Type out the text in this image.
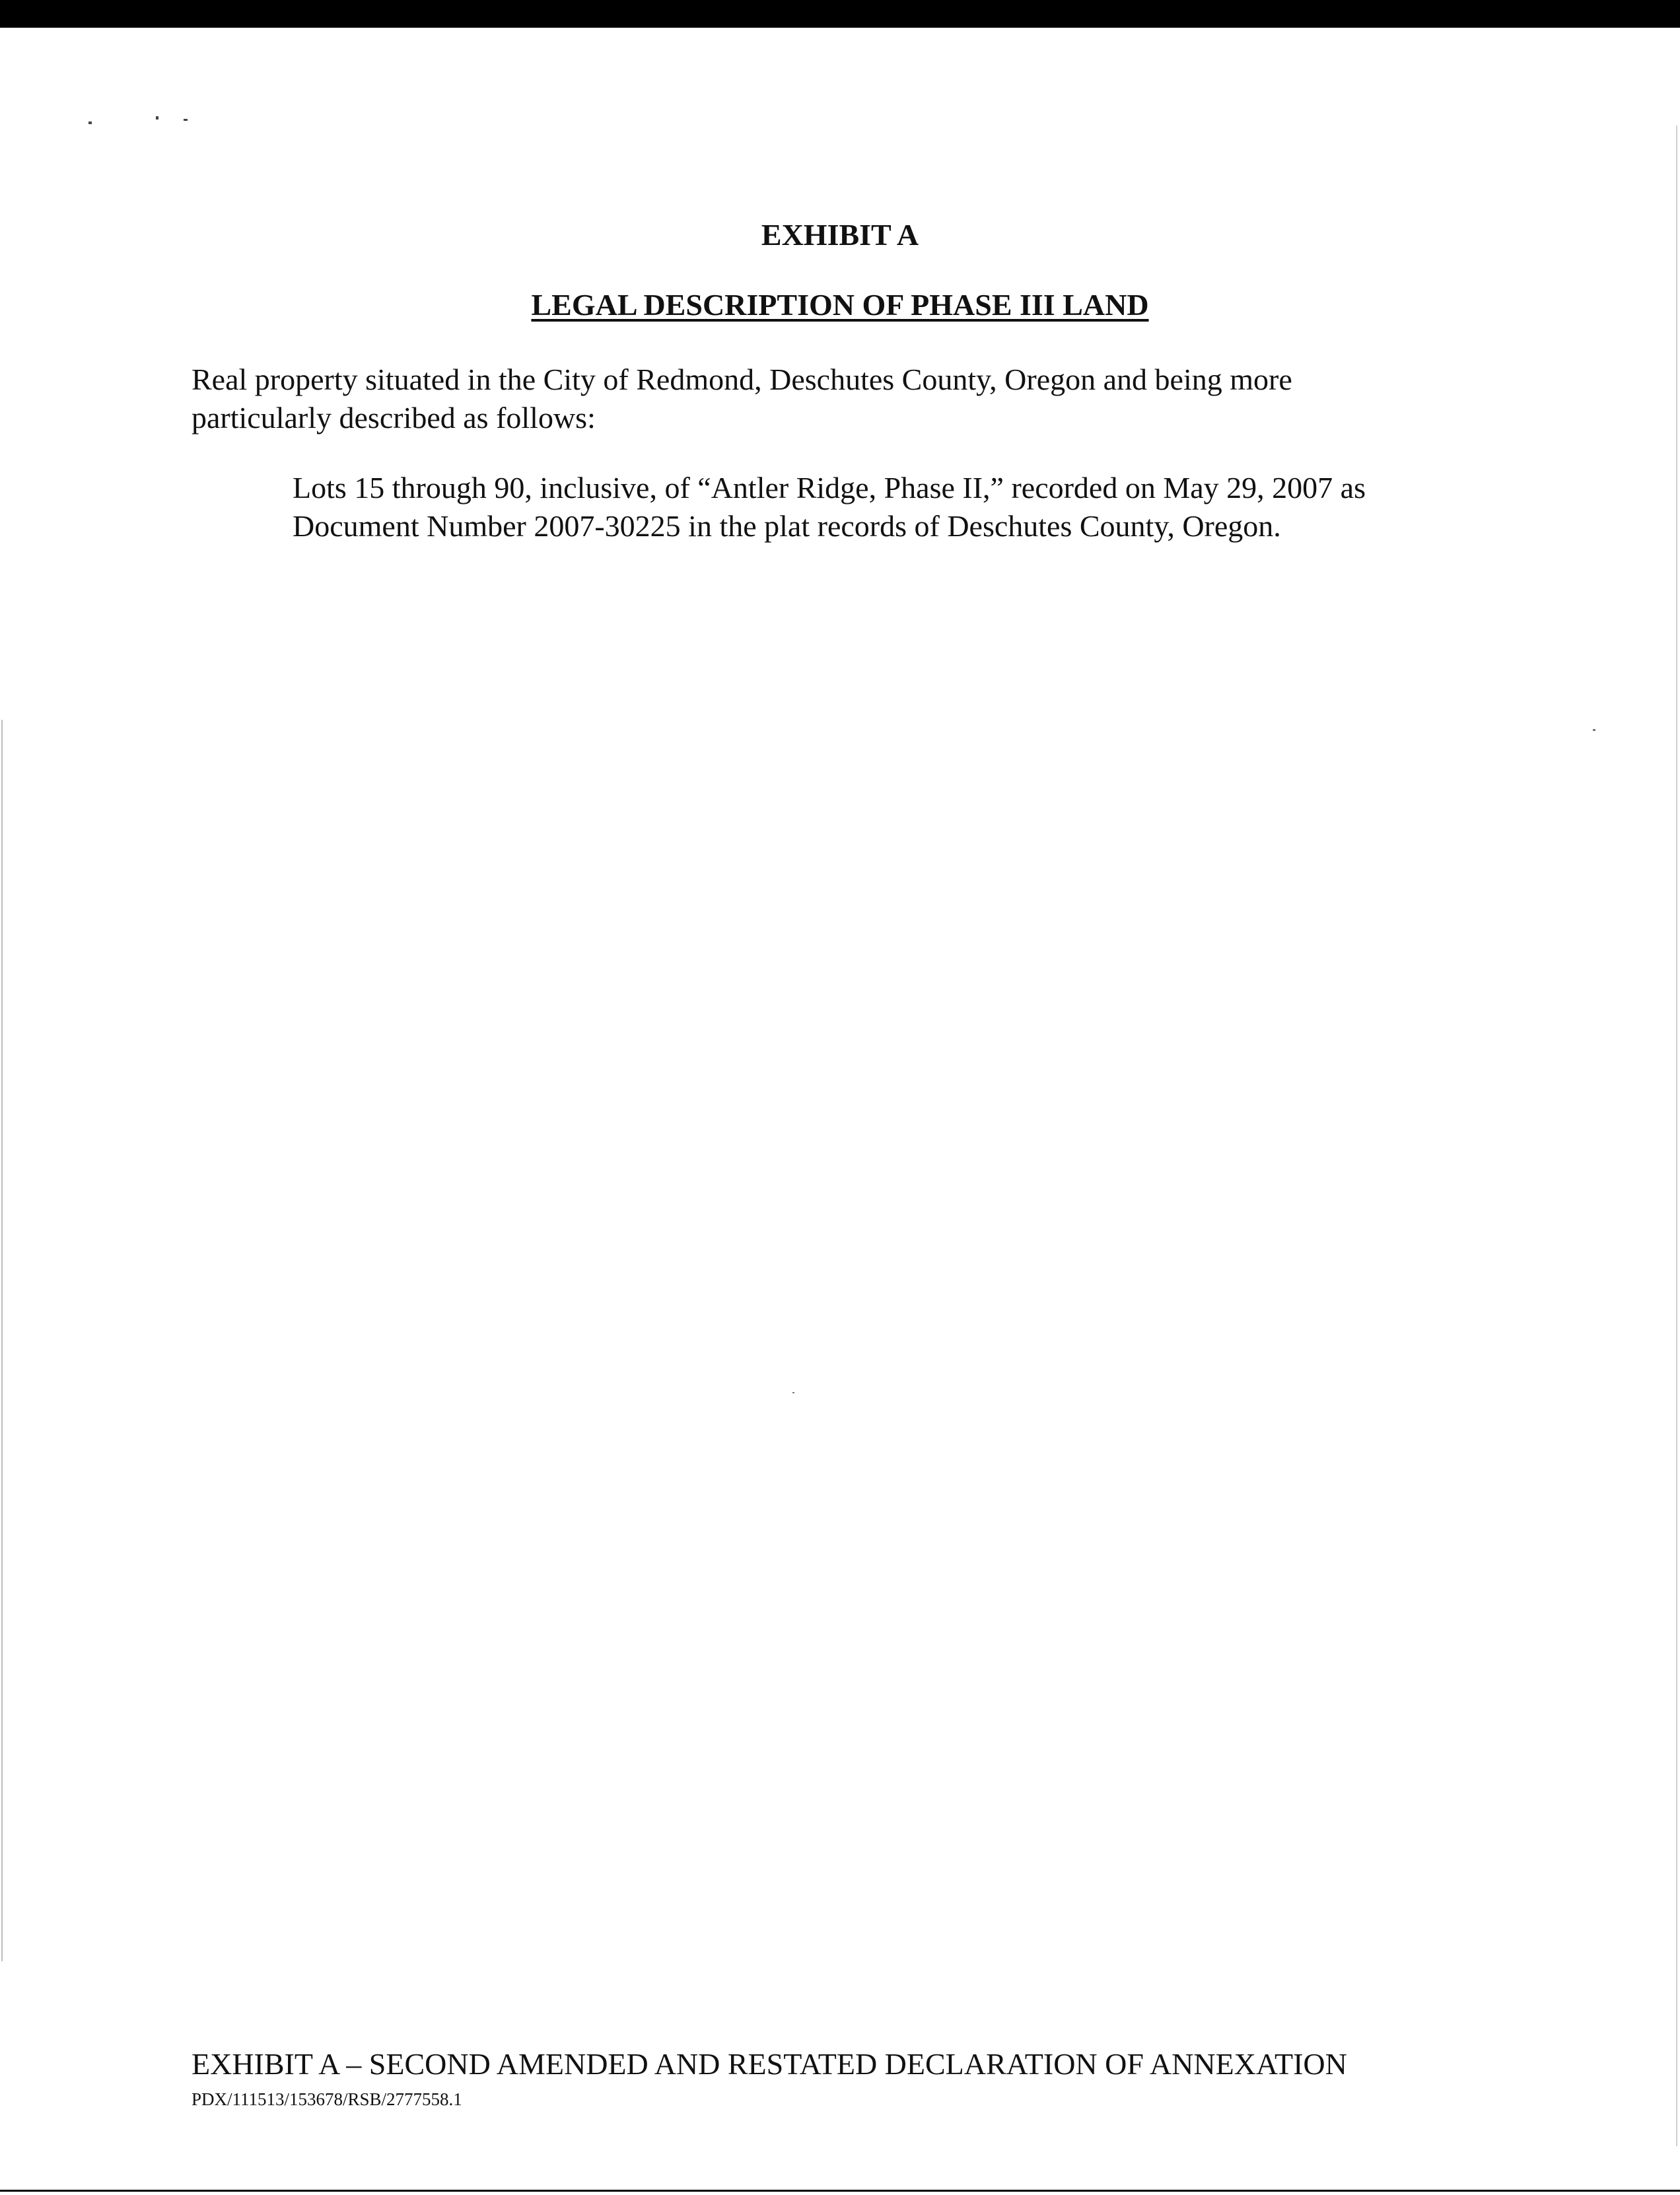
EXHIBIT A
LEGAL DESCRIPTION OF PHASE III LAND
Real property situated in the City of Redmond, Deschutes County, Oregon and being more
particularly described as follows:
Lots 15 through 90, inclusive, of “Antler Ridge, Phase II,” recorded on May 29, 2007 as
Document Number 2007-30225 in the plat records of Deschutes County, Oregon.
EXHIBIT A – SECOND AMENDED AND RESTATED DECLARATION OF ANNEXATION
PDX/111513/153678/RSB/2777558.1
